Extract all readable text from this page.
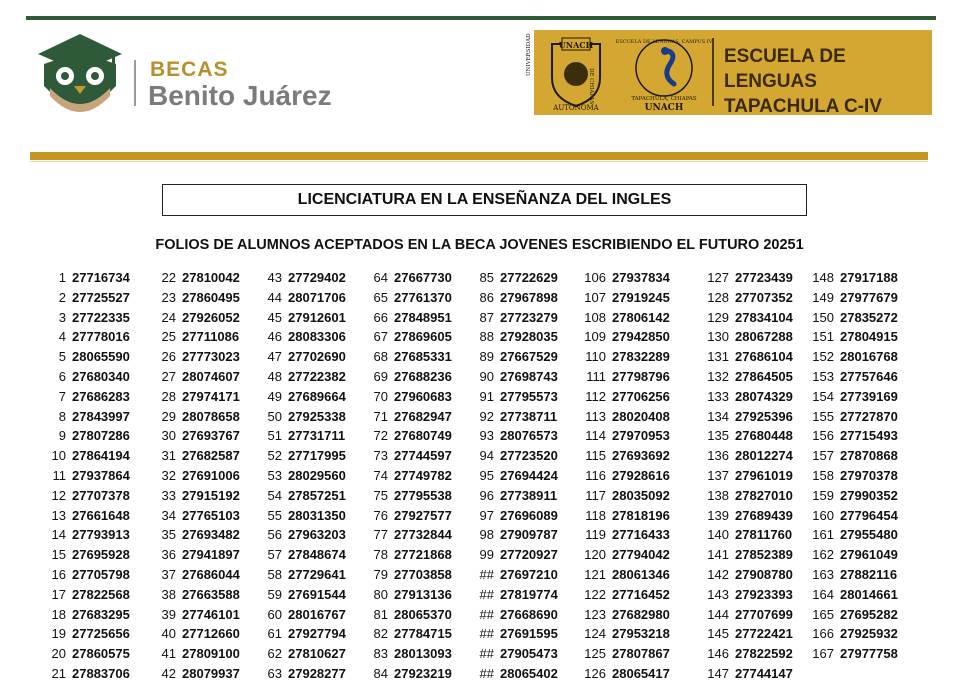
BECAS
Benito Juárez
UNACH
UNIVERSIDAD
DE CHIAPAS
AUTONOMA
ESCUELA DE LENGUAS, CAMPUS IV
TAPACHULA, CHIAPAS
UNACH
ESCUELA DE LENGUAS
TAPACHULA C-IV
LICENCIATURA EN LA ENSEÑANZA DEL INGLES
FOLIOS DE ALUMNOS ACEPTADOS EN LA BECA JOVENES ESCRIBIENDO EL FUTURO 20251
1 27716734
2 27725527
3 27722335
4 27778016
5 28065590
6 27680340
7 27686283
8 27843997
9 27807286
10 27864194
11 27937864
12 27707378
13 27661648
14 27793913
15 27695928
16 27705798
17 27822568
18 27683295
19 27725656
20 27860575
21 27883706
22 27810042
23 27860495
24 27926052
25 27711086
26 27773023
27 28074607
28 27974171
29 28078658
30 27693767
31 27682587
32 27691006
33 27915192
34 27765103
35 27693482
36 27941897
37 27686044
38 27663588
39 27746101
40 27712660
41 27809100
42 28079937
43 27729402
44 28071706
45 27912601
46 28083306
47 27702690
48 27722382
49 27689664
50 27925338
51 27731711
52 27717995
53 28029560
54 27857251
55 28031350
56 27963203
57 27848674
58 27729641
59 27691544
60 28016767
61 27927794
62 27810627
63 27928277
64 27667730
65 27761370
66 27848951
67 27869605
68 27685331
69 27688236
70 27960683
71 27682947
72 27680749
73 27744597
74 27749782
75 27795538
76 27927577
77 27732844
78 27721868
79 27703858
80 27913136
81 28065370
82 27784715
83 28013093
84 27923219
85 27722629
86 27967898
87 27723279
88 27928035
89 27667529
90 27698743
91 27795573
92 27738711
93 28076573
94 27723520
95 27694424
96 27738911
97 27696089
98 27909787
99 27720927
## 27697210
## 27819774
## 27668690
## 27691595
## 27905473
## 28065402
106 27937834
107 27919245
108 27806142
109 27942850
110 27832289
111 27798796
112 27706256
113 28020408
114 27970953
115 27693692
116 27928616
117 28035092
118 27818196
119 27716433
120 27794042
121 28061346
122 27716452
123 27682980
124 27953218
125 27807867
126 28065417
127 27723439
128 27707352
129 27834104
130 28067288
131 27686104
132 27864505
133 28074329
134 27925396
135 27680448
136 28012274
137 27961019
138 27827010
139 27689439
140 27811760
141 27852389
142 27908780
143 27923393
144 27707699
145 27722421
146 27822592
147 27744147
148 27917188
149 27977679
150 27835272
151 27804915
152 28016768
153 27757646
154 27739169
155 27727870
156 27715493
157 27870868
158 27970378
159 27990352
160 27796454
161 27955480
162 27961049
163 27882116
164 28014661
165 27695282
166 27925932
167 27977758
